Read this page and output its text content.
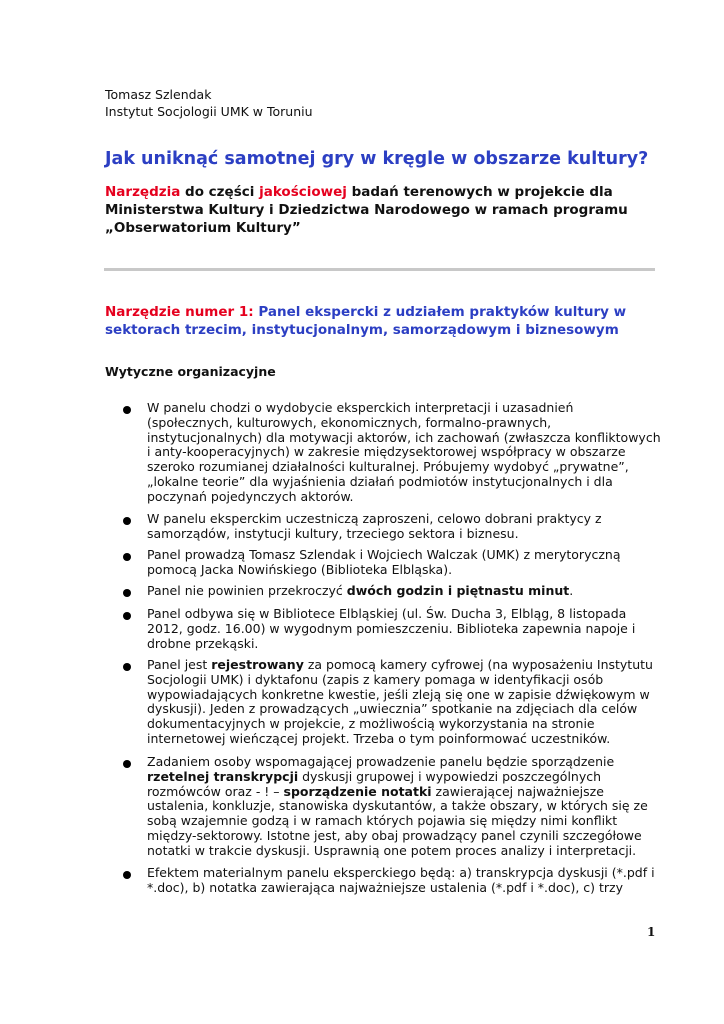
Tomasz Szlendak
Instytut Socjologii UMK w Toruniu
Jak uniknąć samotnej gry w kręgle w obszarze kultury?

Narzędzia do części jakościowej badań terenowych w projekcie dla Ministerstwa Kultury i Dziedzictwa Narodowego w ramach programu „Obserwatorium Kultury”

Narzędzie numer 1: Panel ekspercki z udziałem praktyków kultury w sektorach trzecim, instytucjonalnym, samorządowym i biznesowym

Wytyczne organizacyjne

W panelu chodzi o wydobycie eksperckich interpretacji i uzasadnień (społecznych, kulturowych, ekonomicznych, formalno-prawnych, instytucjonalnych) dla motywacji aktorów, ich zachowań (zwłaszcza konfliktowych i anty-kooperacyjnych) w zakresie międzysektorowej współpracy w obszarze szeroko rozumianej działalności kulturalnej. Próbujemy wydobyć „prywatne”, „lokalne teorie” dla wyjaśnienia działań podmiotów instytucjonalnych i dla poczynań pojedynczych aktorów.
W panelu eksperckim uczestniczą zaproszeni, celowo dobrani praktycy z samorządów, instytucji kultury, trzeciego sektora i biznesu.
Panel prowadzą Tomasz Szlendak i Wojciech Walczak (UMK) z merytoryczną pomocą Jacka Nowińskiego (Biblioteka Elbląska).
Panel nie powinien przekroczyć dwóch godzin i piętnastu minut.
Panel odbywa się w Bibliotece Elbląskiej (ul. Św. Ducha 3, Elbląg, 8 listopada 2012, godz. 16.00) w wygodnym pomieszczeniu. Biblioteka zapewnia napoje i drobne przekąski.
Panel jest rejestrowany za pomocą kamery cyfrowej (na wyposażeniu Instytutu Socjologii UMK) i dyktafonu (zapis z kamery pomaga w identyfikacji osób wypowiadających konkretne kwestie, jeśli zleją się one w zapisie dźwiękowym w dyskusji). Jeden z prowadzących „uwiecznia” spotkanie na zdjęciach dla celów dokumentacyjnych w projekcie, z możliwością wykorzystania na stronie internetowej wieńczącej projekt. Trzeba o tym poinformować uczestników.
Zadaniem osoby wspomagającej prowadzenie panelu będzie sporządzenie rzetelnej transkrypcji dyskusji grupowej i wypowiedzi poszczególnych rozmówców oraz - ! – sporządzenie notatki zawierającej najważniejsze ustalenia, konkluzje, stanowiska dyskutantów, a także obszary, w których się ze sobą wzajemnie godzą i w ramach których pojawia się między nimi konflikt między-sektorowy. Istotne jest, aby obaj prowadzący panel czynili szczegółowe notatki w trakcie dyskusji. Usprawnią one potem proces analizy i interpretacji.
Efektem materialnym panelu eksperckiego będą: a) transkrypcja dyskusji (*.pdf i *.doc), b) notatka zawierająca najważniejsze ustalenia (*.pdf i *.doc), c) trzy
1
